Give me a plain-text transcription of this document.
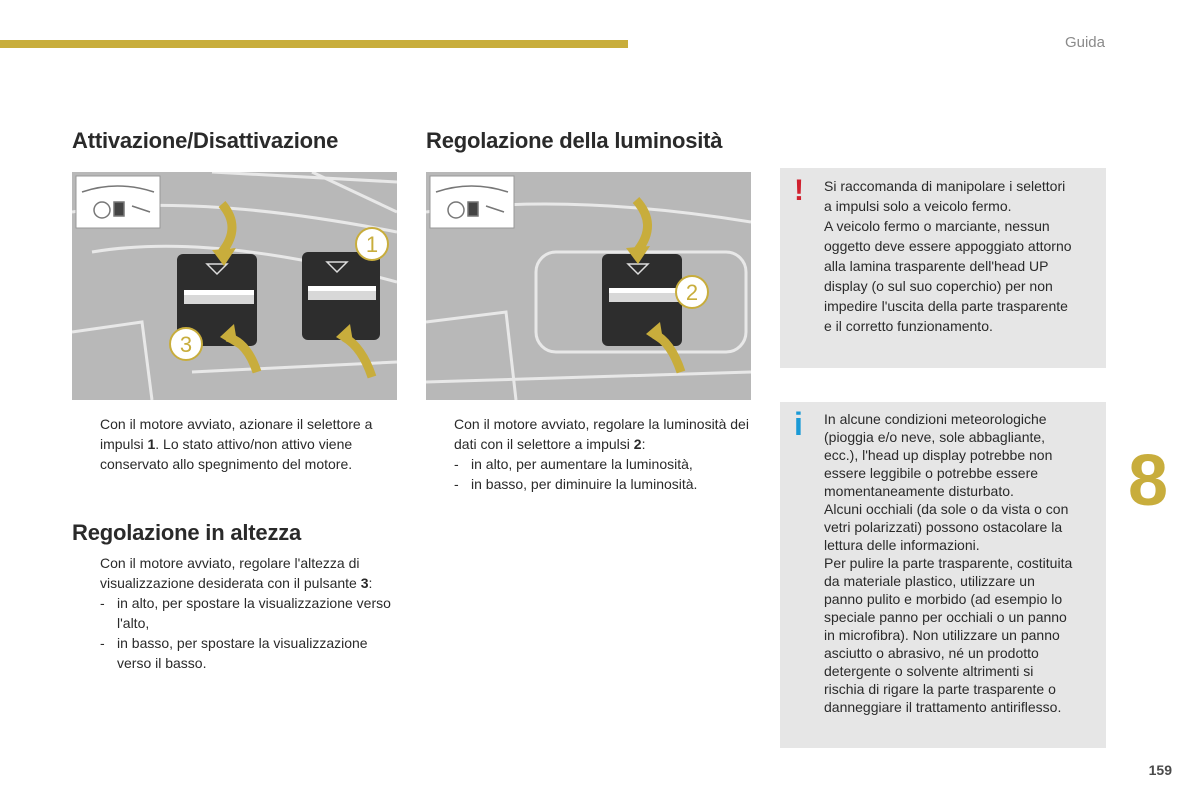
Guida
Attivazione/Disattivazione
1
3

Con il motore avviato, azionare il selettore a impulsi 1. Lo stato attivo/non attivo viene conservato allo spegnimento del motore.

Regolazione in altezza

Con il motore avviato, regolare l'altezza di visualizzazione desiderata con il pulsante 3:
- in alto, per spostare la visualizzazione verso l'alto,
- in basso, per spostare la visualizzazione verso il basso.

Regolazione della luminosità
2

Con il motore avviato, regolare la luminosità dei dati con il selettore a impulsi 2:
- in alto, per aumentare la luminosità,
- in basso, per diminuire la luminosità.

! Si raccomanda di manipolare i selettori
a impulsi solo a veicolo fermo.
A veicolo fermo o marciante, nessun
oggetto deve essere appoggiato attorno
alla lamina trasparente dell'head UP
display (o sul suo coperchio) per non
impedire l'uscita della parte trasparente
e il corretto funzionamento.
i In alcune condizioni meteorologiche
(pioggia e/o neve, sole abbagliante,
ecc.), l'head up display potrebbe non
essere leggibile o potrebbe essere
momentaneamente disturbato.
Alcuni occhiali (da sole o da vista o con
vetri polarizzati) possono ostacolare la
lettura delle informazioni.
Per pulire la parte trasparente, costituita
da materiale plastico, utilizzare un
panno pulito e morbido (ad esempio lo
speciale panno per occhiali o un panno
in microfibra). Non utilizzare un panno
asciutto o abrasivo, né un prodotto
detergente o solvente altrimenti si
rischia di rigare la parte trasparente o
danneggiare il trattamento antiriflesso.
8
159
